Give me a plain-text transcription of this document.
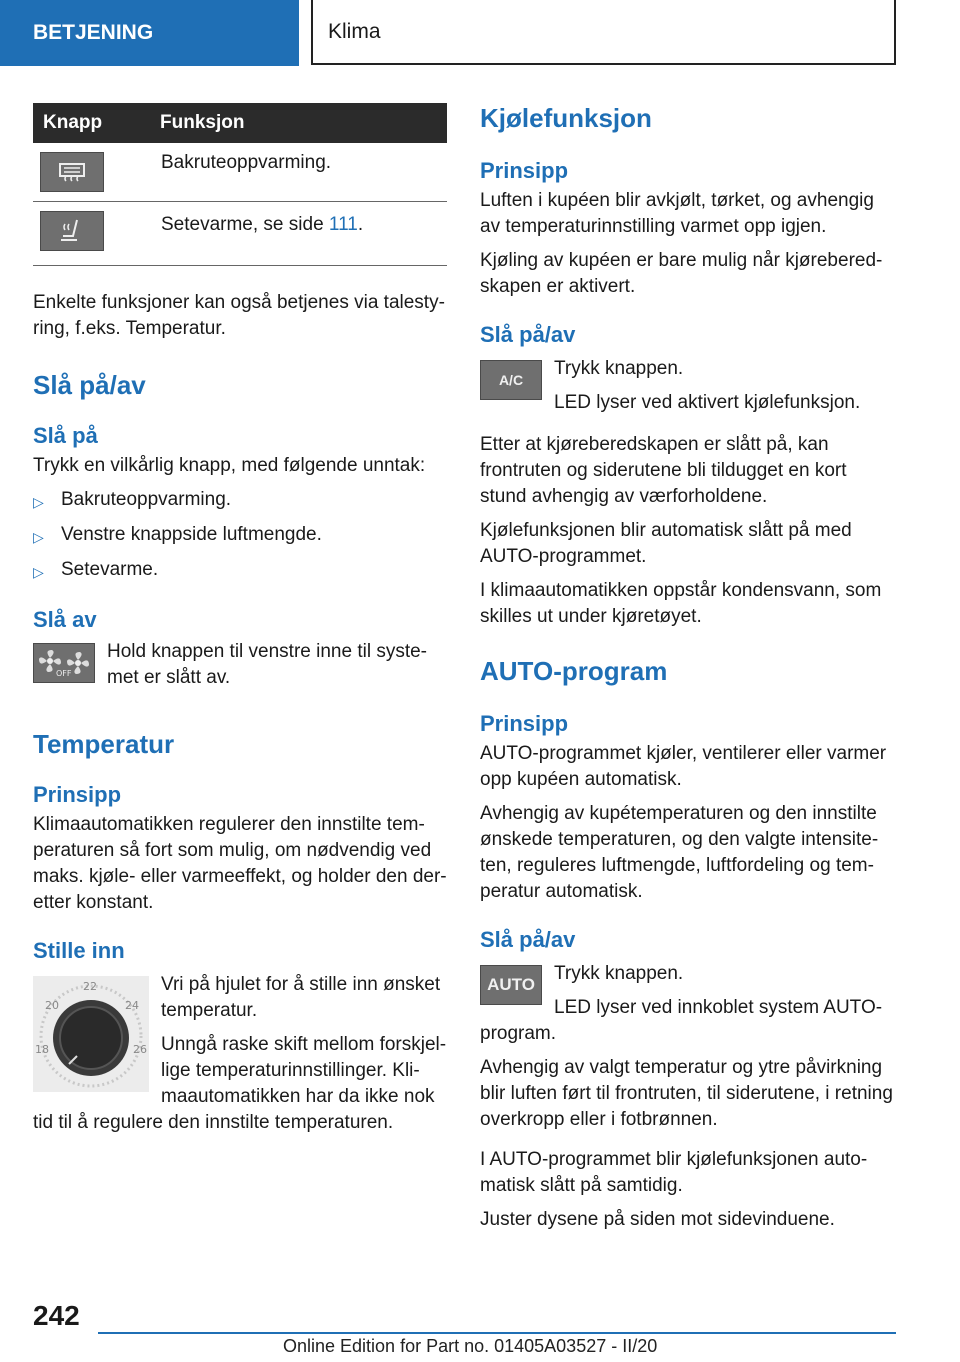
BETJENING	Klima
Knapp	Funksjon

	Bakruteoppvarming.

	Setevarme, se side 111.

Enkelte funksjoner kan også betjenes via talestyring, f.eks. Temperatur.

Slå på/av
Slå på

Trykk en vilkårlig knapp, med følgende unntak:

▷ Bakruteoppvarming.
▷ Venstre knappside luftmengde.
▷ Setevarme.
Slå av
OFF

Hold knappen til venstre inne til systemet er slått av.

Temperatur
Prinsipp

Klimaautomatikken regulerer den innstilte temperaturen så fort som mulig, om nødvendig ved maks. kjøle- eller varmeeffekt, og holder den deretter konstant.

Stille inn
18
20
22
24
26

Vri på hjulet for å stille inn ønsket temperatur.

Unngå raske skift mellom forskjellige temperaturinnstillinger. Klimaautomatikken har da ikke nok tid til å regulere den innstilte temperaturen.

Kjølefunksjon
Prinsipp

Luften i kupéen blir avkjølt, tørket, og avhengig av temperaturinnstilling varmet opp igjen.

Kjøling av kupéen er bare mulig når kjøreberedskapen er aktivert.

Slå på/av
A/C

Trykk knappen.

LED lyser ved aktivert kjølefunksjon.

Etter at kjøreberedskapen er slått på, kan frontruten og siderutene bli tildugget en kort stund avhengig av værforholdene.

Kjølefunksjonen blir automatisk slått på med AUTO-programmet.

I klimaautomatikken oppstår kondensvann, som skilles ut under kjøretøyet.

AUTO-program
Prinsipp

AUTO-programmet kjøler, ventilerer eller varmer opp kupéen automatisk.

Avhengig av kupétemperaturen og den innstilte ønskede temperaturen, og den valgte intensiteten, reguleres luftmengde, luftfordeling og temperatur automatisk.

Slå på/av
AUTO

Trykk knappen.

LED lyser ved innkoblet system AUTO-program.

Avhengig av valgt temperatur og ytre påvirkning blir luften ført til frontruten, til siderutene, i retning overkropp eller i fotbrønnen.

I AUTO-programmet blir kjølefunksjonen automatisk slått på samtidig.

Juster dysene på siden mot sidevinduene.

242
Online Edition for Part no. 01405A03527 - II/20
